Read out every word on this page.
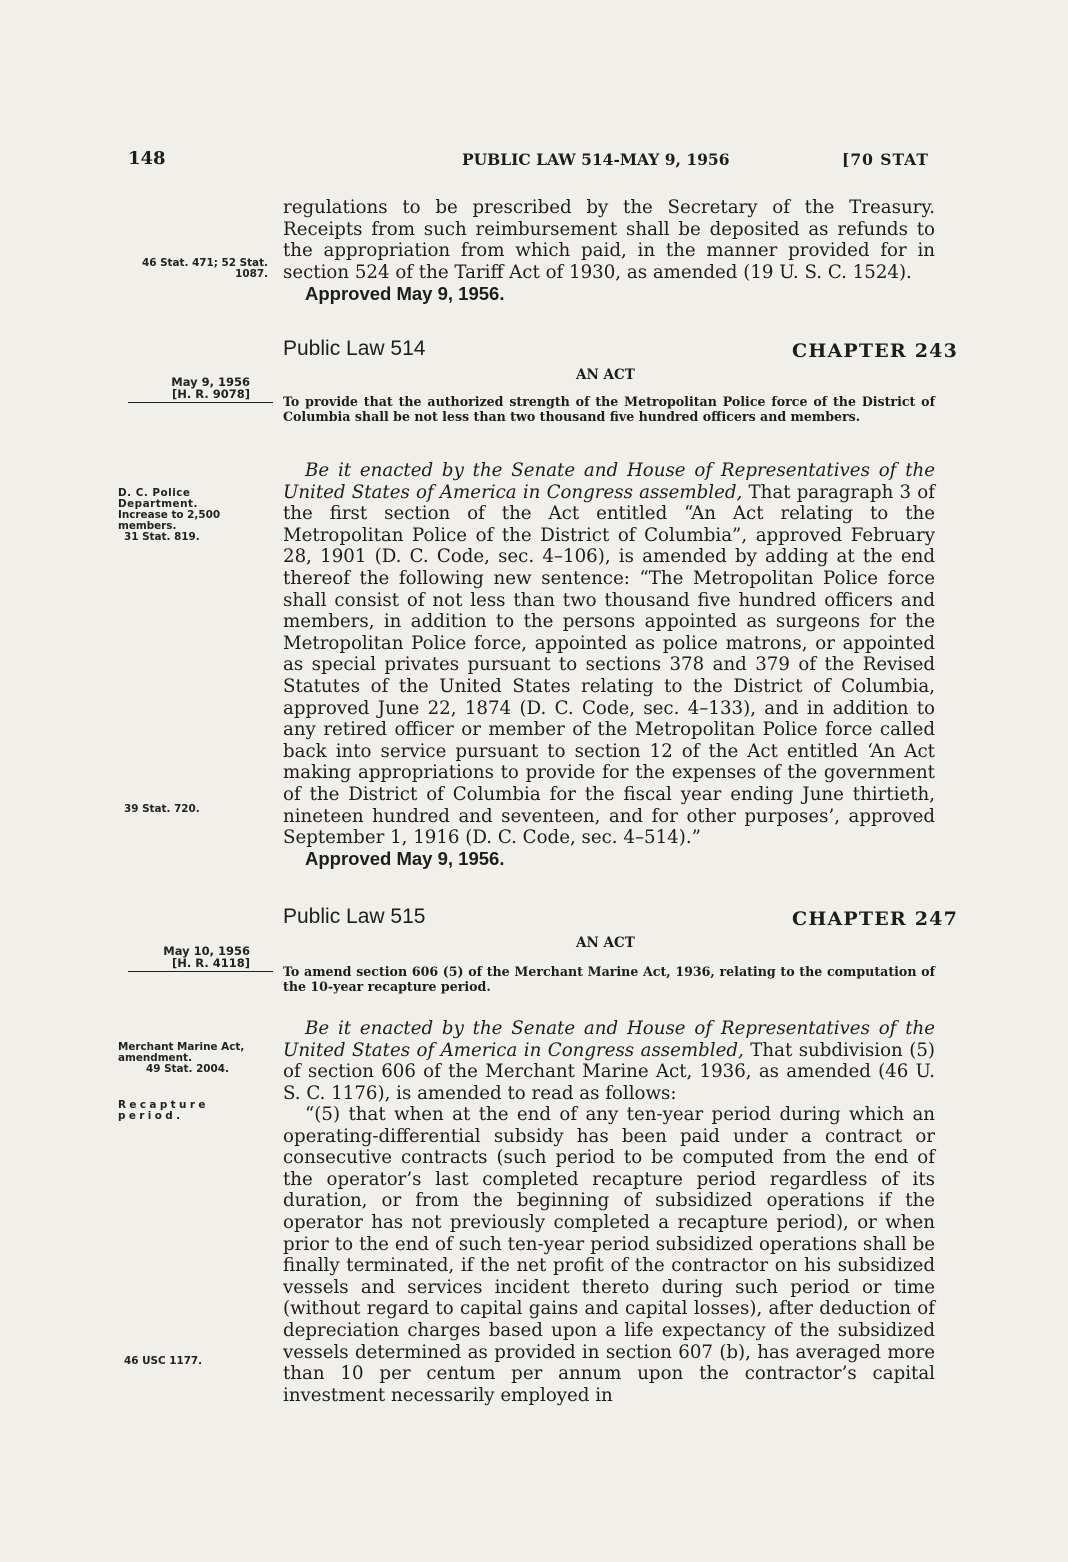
148	PUBLIC LAW 514-MAY 9, 1956	[70 STAT
regulations to be prescribed by the Secretary of the Treasury. Receipts from such reimbursement shall be deposited as refunds to the appropriation from which paid, in the manner provided for in section 524 of the Tariff Act of 1930, as amended (19 U. S. C. 1524).
46 Stat. 471; 52 Stat. 1087.
Approved May 9, 1956.
Public Law 514	CHAPTER 243
AN ACT
May 9, 1956
[H. R. 9078]	To provide that the authorized strength of the Metropolitan Police force of the District of Columbia shall be not less than two thousand five hundred officers and members.
D. C. Police Department.
Increase to 2,500 members.
31 Stat. 819.
Be it enacted by the Senate and House of Representatives of the United States of America in Congress assembled, That paragraph 3 of the first section of the Act entitled “An Act relating to the Metropolitan Police of the District of Columbia”, approved February 28, 1901 (D. C. Code, sec. 4–106), is amended by adding at the end thereof the following new sentence: “The Metropolitan Police force shall consist of not less than two thousand five hundred officers and members, in addition to the persons appointed as surgeons for the Metropolitan Police force, appointed as police matrons, or appointed as special privates pursuant to sections 378 and 379 of the Revised Statutes of the United States relating to the District of Columbia, approved June 22, 1874 (D. C. Code, sec. 4–133), and in addition to any retired officer or member of the Metropolitan Police force called back into service pursuant to section 12 of the Act entitled ‘An Act making appropriations to provide for the expenses of the government of the District of Columbia for the fiscal year ending June thirtieth, nineteen hundred and seventeen, and for other purposes’, approved September 1, 1916 (D. C. Code, sec. 4–514).”
39 Stat. 720.
Approved May 9, 1956.
Public Law 515	CHAPTER 247
AN ACT
May 10, 1956
[H. R. 4118]
To amend section 606 (5) of the Merchant Marine Act, 1936, relating to the computation of the 10-year recapture period.
Merchant Marine Act, amendment.
49 Stat. 2004.
Recapture period.
Be it enacted by the Senate and House of Representatives of the United States of America in Congress assembled, That subdivision (5) of section 606 of the Merchant Marine Act, 1936, as amended (46 U. S. C. 1176), is amended to read as follows:

“(5) that when at the end of any ten-year period during which an operating-differential subsidy has been paid under a contract or consecutive contracts (such period to be computed from the end of the operator’s last completed recapture period regardless of its duration, or from the beginning of subsidized operations if the operator has not previously completed a recapture period), or when prior to the end of such ten-year period subsidized operations shall be finally terminated, if the net profit of the contractor on his subsidized vessels and services incident thereto during such period or time (without regard to capital gains and capital losses), after deduction of depreciation charges based upon a life expectancy of the subsidized vessels determined as provided in section 607 (b), has averaged more than 10 per centum per annum upon the contractor’s capital investment necessarily employed in

46 USC 1177.
